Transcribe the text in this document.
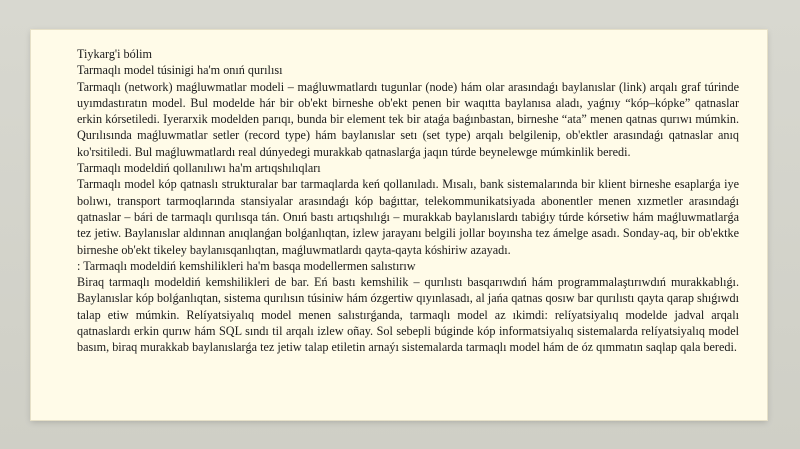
Tiykarg'i bólim

Tarmaqlı model túsinigi ha'm onıń qurılısı

Tarmaqlı (network) maǵluwmatlar modeli – maǵluwmatlardı tugunlar (node) hám olar arasındaǵı baylanıslar (link) arqalı graf túrinde uyımdastıratın model. Bul modelde hár bir ob'ekt birneshe ob'ekt penen bir waqıtta baylanısa aladı, yaǵnıy “kóp–kópke” qatnaslar erkin kórsetiledi. Iyerarxik modelden parıqı, bunda bir element tek bir ataǵa baǵınbastan, birneshe “ata” menen qatnas qurıwı múmkin. Qurılısında maǵluwmatlar setler (record type) hám baylanıslar setı (set type) arqalı belgilenip, ob'ektler arasındaǵı qatnaslar anıq ko'rsitiledi. Bul maǵluwmatlardı real dúnyedegi murakkab qatnaslarǵa jaqın túrde beynelewge múmkinlik beredi.

Tarmaqlı modeldiń qollanılıwı ha'm artıqshılıqları

Tarmaqlı model kóp qatnaslı strukturalar bar tarmaqlarda keń qollanıladı. Mısalı, bank sistemalarında bir klient birneshe esaplarǵa iye bolıwı, transport tarmoqlarında stansiyalar arasındaǵı kóp baǵıttar, telekommunikatsiyada abonentler menen xızmetler arasındaǵı qatnaslar – bári de tarmaqlı qurılısqa tán. Onıń bastı artıqshılıǵı – murakkab baylanıslardı tabiǵıy túrde kórsetiw hám maǵluwmatlarǵa tez jetiw. Baylanıslar aldınnan anıqlanǵan bolǵanlıqtan, izlew jarayanı belgili jollar boyınsha tez ámelge asadı. Sonday-aq, bir ob'ektke birneshe ob'ekt tikeley baylanısqanlıqtan, maǵluwmatlardı qayta-qayta kóshiriw azayadı.

: Tarmaqlı modeldiń kemshilikleri ha'm basqa modellermen salıstırıw

Biraq tarmaqlı modeldiń kemshilikleri de bar. Eń bastı kemshilik – qurılıstı basqarıwdıń hám programmalaştırıwdıń murakkablıǵı. Baylanıslar kóp bolǵanlıqtan, sistema qurılısın túsiniw hám ózgertiw qıyınlasadı, al jańa qatnas qosıw bar qurılıstı qayta qarap shıǵıwdı talap etiw múmkin. Relíyatsiyalıq model menen salıstırǵanda, tarmaqlı model az ıkimdi: relíyatsiyalıq modelde jadval arqalı qatnaslardı erkin qurıw hám SQL sındı til arqalı izlew oñay. Sol sebepli búginde kóp informatsiyalıq sistemalarda relíyatsiyalıq model basım, biraq murakkab baylanıslarǵa tez jetiw talap etiletin arnaýı sistemalarda tarmaqlı model hám de óz qımmatın saqlap qala beredi.
